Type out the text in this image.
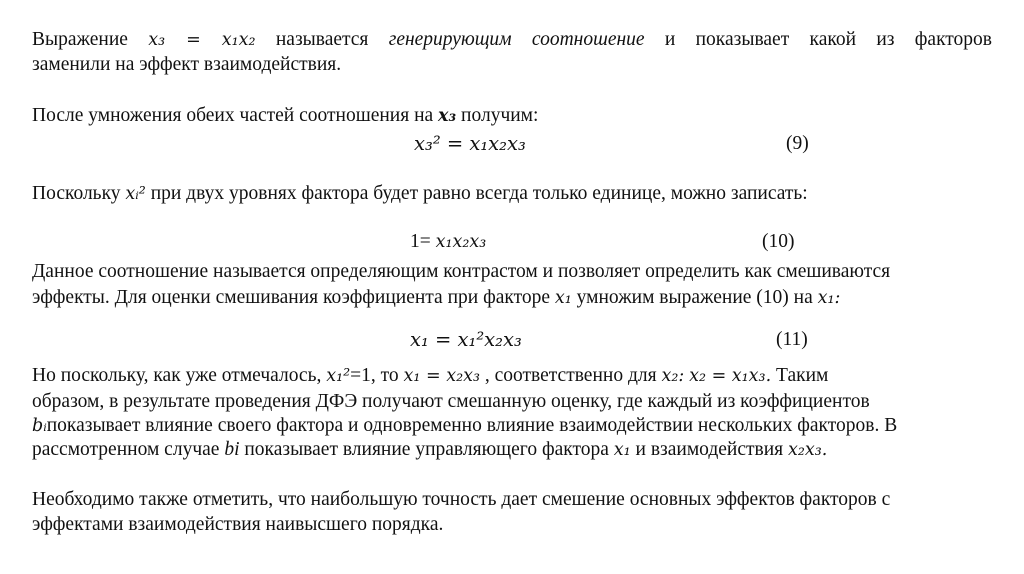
Выражение x₃ = x₁x₂ называется генерирующим соотношение и показывает какой из факторов
заменили на эффект взаимодействия.

После умножения обеих частей соотношения на x₃ получим:
x₃² = x₁x₂x₃	(9)
Поскольку xᵢ² при двух уровнях фактора будет равно всегда только единице, можно записать:
1= x₁x₂x₃	(10)
Данное соотношение называется определяющим контрастом и позволяет определить как смешиваются
эффекты. Для оценки смешивания коэффициента при факторе x₁ умножим выражение (10) на x₁:
x₁ = x₁²x₂x₃	(11)
Но поскольку, как уже отмечалось, x₁²=1, то x₁ = x₂x₃ , соответственно для x₂: x₂ = x₁x₃. Таким
образом, в результате проведения ДФЭ получают смешанную оценку, где каждый из коэффициентов
bᵢпоказывает влияние своего фактора и одновременно влияние взаимодействии нескольких факторов. В
рассмотренном случае bi показывает влияние управляющего фактора x₁ и взаимодействия x₂x₃.
Необходимо также отметить, что наибольшую точность дает смешение основных эффектов факторов с
эффектами взаимодействия наивысшего порядка.
